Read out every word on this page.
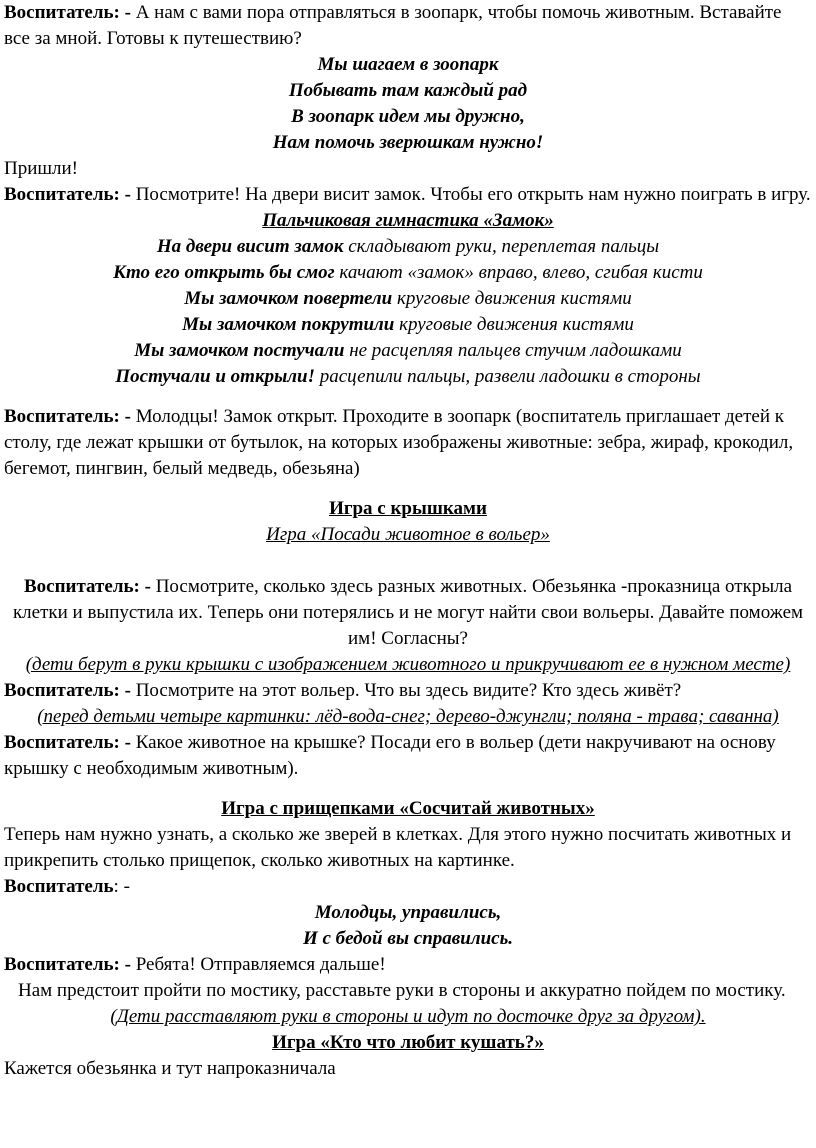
Воспитатель: - А нам с вами пора отправляться в зоопарк, чтобы помочь животным. Вставайте все за мной. Готовы к путешествию?

Мы шагаем в зоопарк

Побывать там каждый рад

В зоопарк идем мы дружно,

Нам помочь зверюшкам нужно!

Пришли!

Воспитатель: - Посмотрите! На двери висит замок. Чтобы его открыть нам нужно поиграть в игру.

Пальчиковая гимнастика «Замок»

На двери висит замок складывают руки, переплетая пальцы

Кто его открыть бы смог качают «замок» вправо, влево, сгибая кисти

Мы замочком повертели круговые движения кистями

Мы замочком покрутили круговые движения кистями

Мы замочком постучали не расцепляя пальцев стучим ладошками

Постучали и открыли! расцепили пальцы, развели ладошки в стороны

Воспитатель: - Молодцы! Замок открыт. Проходите в зоопарк (воспитатель приглашает детей к столу, где лежат крышки от бутылок, на которых изображены животные: зебра, жираф, крокодил, бегемот, пингвин, белый медведь, обезьяна)

Игра с крышками

Игра «Посади животное в вольер»

Воспитатель: - Посмотрите, сколько здесь разных животных. Обезьянка -проказница открыла клетки и выпустила их. Теперь они потерялись и не могут найти свои вольеры. Давайте поможем им! Согласны?

(дети берут в руки крышки с изображением животного и прикручивают ее в нужном месте)

Воспитатель: - Посмотрите на этот вольер. Что вы здесь видите? Кто здесь живёт?

(перед детьми четыре картинки: лёд-вода-снег; дерево-джунгли; поляна - трава; саванна)

Воспитатель: - Какое животное на крышке? Посади его в вольер (дети накручивают на основу крышку с необходимым животным).

Игра с прищепками «Сосчитай животных»

Теперь нам нужно узнать, а сколько же зверей в клетках. Для этого нужно посчитать животных и прикрепить столько прищепок, сколько животных на картинке.

Воспитатель: -

Молодцы, управились,

И с бедой вы справились.

Воспитатель: - Ребята! Отправляемся дальше!

Нам предстоит пройти по мостику, расставьте руки в стороны и аккуратно пойдем по мостику.

(Дети расставляют руки в стороны и идут по досточке друг за другом).

Игра «Кто что любит кушать?»

Кажется обезьянка и тут напроказничала
